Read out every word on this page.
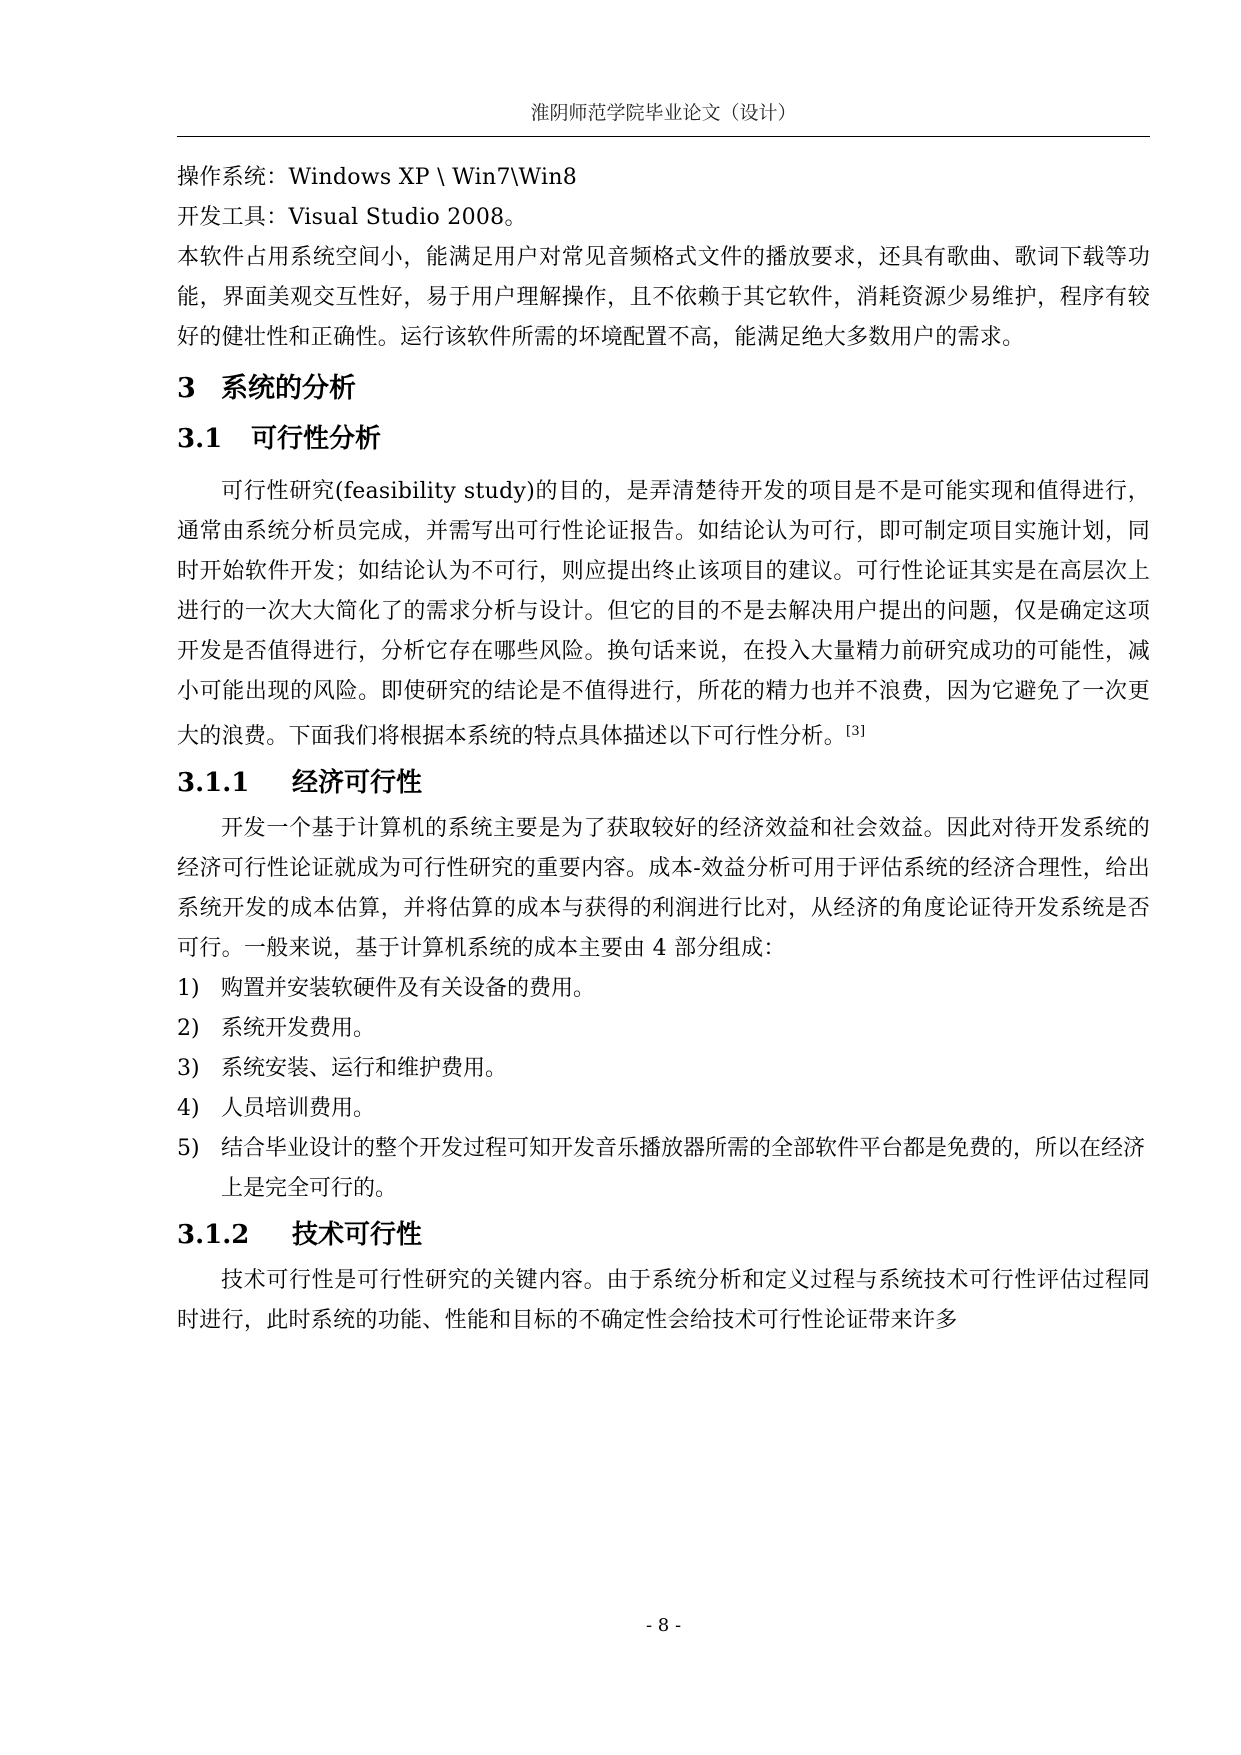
淮阴师范学院毕业论文（设计）

操作系统：Windows XP \ Win7\Win8

开发工具：Visual Studio 2008。

本软件占用系统空间小，能满足用户对常见音频格式文件的播放要求，还具有歌曲、歌词下载等功能，界面美观交互性好，易于用户理解操作，且不依赖于其它软件，消耗资源少易维护，程序有较好的健壮性和正确性。运行该软件所需的坏境配置不高，能满足绝大多数用户的需求。

3 系统的分析
3.1 可行性分析

可行性研究(feasibility study)的目的，是弄清楚待开发的项目是不是可能实现和值得进行，通常由系统分析员完成，并需写出可行性论证报告。如结论认为可行，即可制定项目实施计划，同时开始软件开发；如结论认为不可行，则应提出终止该项目的建议。可行性论证其实是在高层次上进行的一次大大简化了的需求分析与设计。但它的目的不是去解决用户提出的问题，仅是确定这项开发是否值得进行，分析它存在哪些风险。换句话来说，在投入大量精力前研究成功的可能性，减小可能出现的风险。即使研究的结论是不值得进行，所花的精力也并不浪费，因为它避免了一次更大的浪费。下面我们将根据本系统的特点具体描述以下可行性分析。[3]

3.1.1 经济可行性

开发一个基于计算机的系统主要是为了获取较好的经济效益和社会效益。因此对待开发系统的经济可行性论证就成为可行性研究的重要内容。成本-效益分析可用于评估系统的经济合理性，给出系统开发的成本估算，并将估算的成本与获得的利润进行比对，从经济的角度论证待开发系统是否可行。一般来说，基于计算机系统的成本主要由 4 部分组成：

1) 购置并安装软硬件及有关设备的费用。
2) 系统开发费用。
3) 系统安装、运行和维护费用。
4) 人员培训费用。
5) 结合毕业设计的整个开发过程可知开发音乐播放器所需的全部软件平台都是免费的，所以在经济上是完全可行的。
3.1.2 技术可行性

技术可行性是可行性研究的关键内容。由于系统分析和定义过程与系统技术可行性评估过程同时进行，此时系统的功能、性能和目标的不确定性会给技术可行性论证带来许多

- 8 -
